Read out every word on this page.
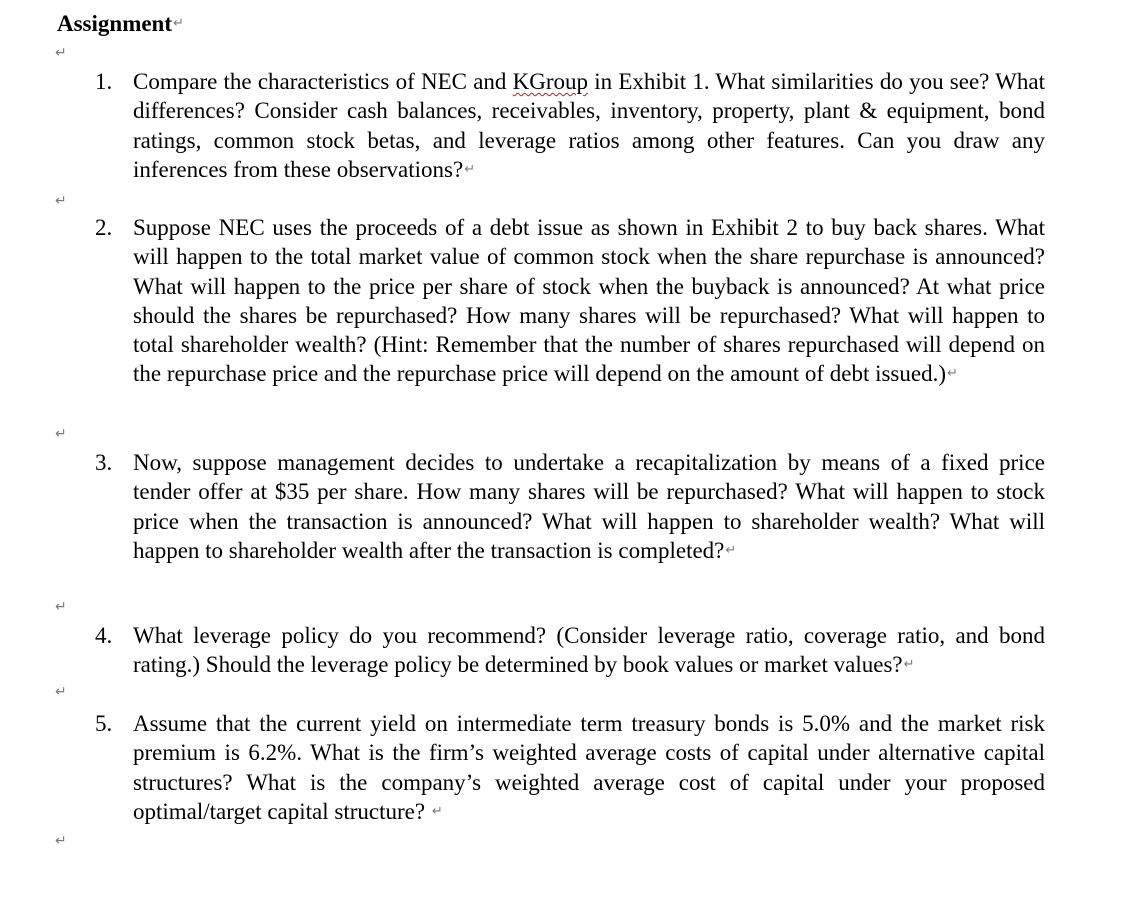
Assignment↵
↵
1. Compare the characteristics of NEC and KGroup in Exhibit 1. What similarities do you see? What differences? Consider cash balances, receivables, inventory, property, plant & equipment, bond ratings, common stock betas, and leverage ratios among other features. Can you draw any inferences from these observations?↵
↵
2. Suppose NEC uses the proceeds of a debt issue as shown in Exhibit 2 to buy back shares. What will happen to the total market value of common stock when the share repurchase is announced? What will happen to the price per share of stock when the buyback is announced? At what price should the shares be repurchased? How many shares will be repurchased? What will happen to total shareholder wealth? (Hint: Remember that the number of shares repurchased will depend on the repurchase price and the repurchase price will depend on the amount of debt issued.)↵
↵
3. Now, suppose management decides to undertake a recapitalization by means of a fixed price tender offer at $35 per share. How many shares will be repurchased? What will happen to stock price when the transaction is announced? What will happen to shareholder wealth? What will happen to shareholder wealth after the transaction is completed?↵
↵
4. What leverage policy do you recommend? (Consider leverage ratio, coverage ratio, and bond rating.) Should the leverage policy be determined by book values or market values?↵
↵
5. Assume that the current yield on intermediate term treasury bonds is 5.0% and the market risk premium is 6.2%. What is the firm’s weighted average costs of capital under alternative capital structures? What is the company’s weighted average cost of capital under your proposed optimal/target capital structure? ↵
↵
